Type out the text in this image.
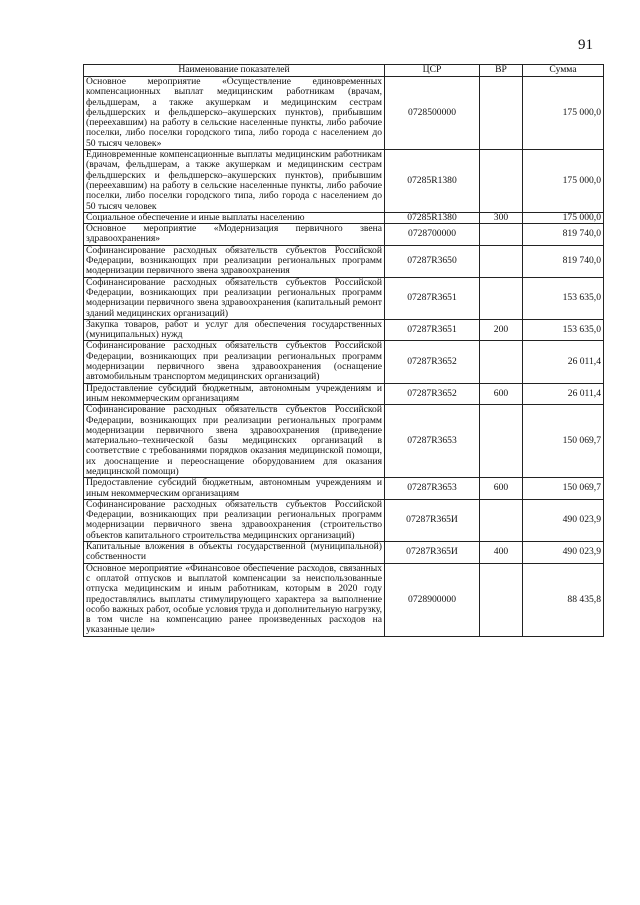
91
Наименование показателей	ЦСР	ВР	Сумма
Основное мероприятие «Осуществление единовременных компенсационных выплат медицинским работникам (врачам, фельдшерам, а также акушеркам и медицинским сестрам фельдшерских и фельдшерско–акушерских пунктов), прибывшим (переехавшим) на работу в сельские населенные пункты, либо рабочие поселки, либо поселки городского типа, либо города с населением до 50 тысяч человек»	0728500000		175 000,0
Единовременные компенсационные выплаты медицинским работникам (врачам, фельдшерам, а также акушеркам и медицинским сестрам фельдшерских и фельдшерско–акушерских пунктов), прибывшим (переехавшим) на работу в сельские населенные пункты, либо рабочие поселки, либо поселки городского типа, либо города с населением до 50 тысяч человек	07285R1380		175 000,0
Социальное обеспечение и иные выплаты населению	07285R1380	300	175 000,0
Основное мероприятие «Модернизация первичного звена здравоохранения»	0728700000		819 740,0
Софинансирование расходных обязательств субъектов Российской Федерации, возникающих при реализации региональных программ модернизации первичного звена здравоохранения	07287R3650		819 740,0
Софинансирование расходных обязательств субъектов Российской Федерации, возникающих при реализации региональных программ модернизации первичного звена здравоохранения (капитальный ремонт зданий медицинских организаций)	07287R3651		153 635,0
Закупка товаров, работ и услуг для обеспечения государственных (муниципальных) нужд	07287R3651	200	153 635,0
Софинансирование расходных обязательств субъектов Российской Федерации, возникающих при реализации региональных программ модернизации первичного звена здравоохранения (оснащение автомобильным транспортом медицинских организаций)	07287R3652		26 011,4
Предоставление субсидий бюджетным, автономным учреждениям и иным некоммерческим организациям	07287R3652	600	26 011,4
Софинансирование расходных обязательств субъектов Российской Федерации, возникающих при реализации региональных программ модернизации первичного звена здравоохранения (приведение материально–технической базы медицинских организаций в соответствие с требованиями порядков оказания медицинской помощи, их дооснащение и переоснащение оборудованием для оказания медицинской помощи)	07287R3653		150 069,7
Предоставление субсидий бюджетным, автономным учреждениям и иным некоммерческим организациям	07287R3653	600	150 069,7
Софинансирование расходных обязательств субъектов Российской Федерации, возникающих при реализации региональных программ модернизации первичного звена здравоохранения (строительство объектов капитального строительства медицинских организаций)	07287R365И		490 023,9
Капитальные вложения в объекты государственной (муниципальной) собственности	07287R365И	400	490 023,9
Основное мероприятие «Финансовое обеспечение расходов, связанных с оплатой отпусков и выплатой компенсации за неиспользованные отпуска медицинским и иным работникам, которым в 2020 году предоставлялись выплаты стимулирующего характера за выполнение особо важных работ, особые условия труда и дополнительную нагрузку, в том числе на компенсацию ранее произведенных расходов на указанные цели»	0728900000		88 435,8
